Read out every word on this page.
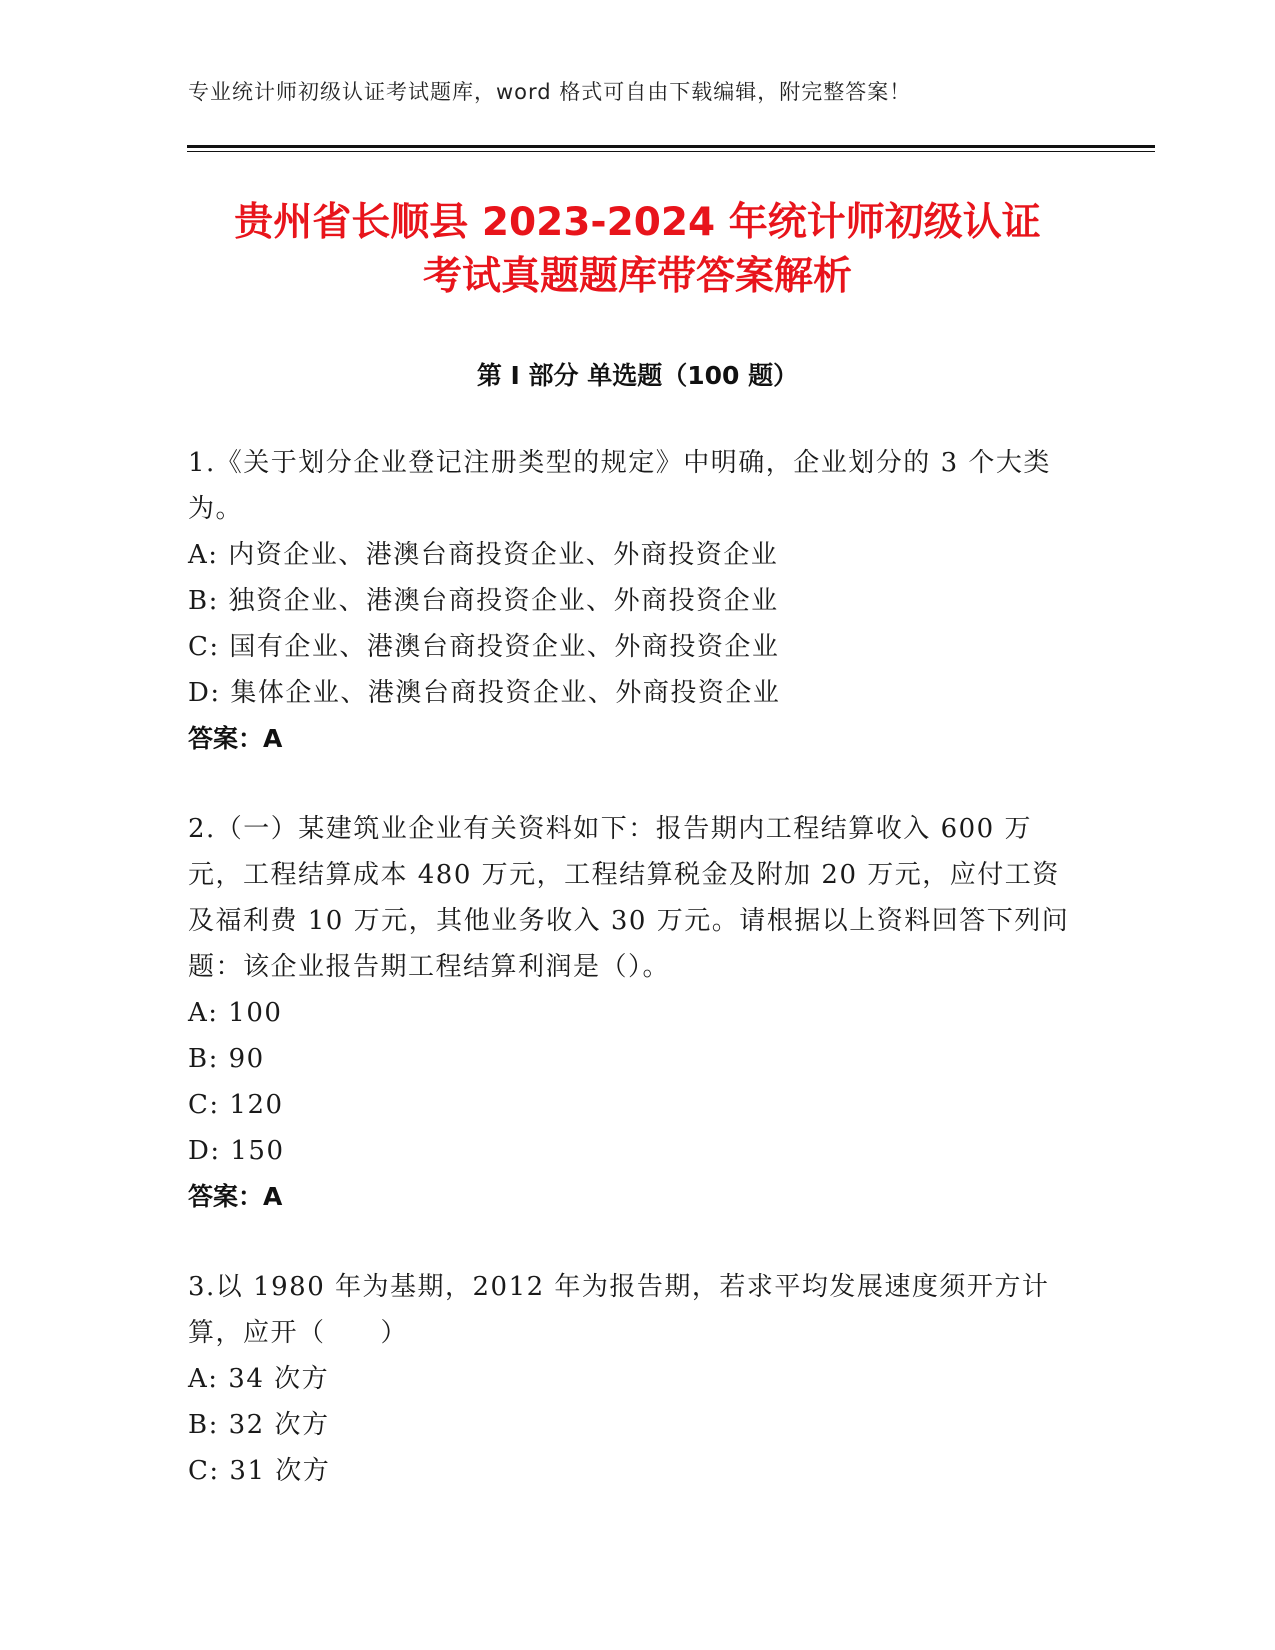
专业统计师初级认证考试题库，word 格式可自由下载编辑，附完整答案！
贵州省长顺县 2023-2024 年统计师初级认证
考试真题题库带答案解析
第 I 部分 单选题（100 题）
1.《关于划分企业登记注册类型的规定》中明确，企业划分的 3 个大类为。
A: 内资企业、港澳台商投资企业、外商投资企业
B: 独资企业、港澳台商投资企业、外商投资企业
C: 国有企业、港澳台商投资企业、外商投资企业
D: 集体企业、港澳台商投资企业、外商投资企业
答案：A
2.（一）某建筑业企业有关资料如下：报告期内工程结算收入 600 万元，工程结算成本 480 万元，工程结算税金及附加 20 万元，应付工资及福利费 10 万元，其他业务收入 30 万元。请根据以上资料回答下列问题：该企业报告期工程结算利润是（）。
A: 100
B: 90
C: 120
D: 150
答案：A
3.以 1980 年为基期，2012 年为报告期，若求平均发展速度须开方计算，应开（　　）
A: 34 次方
B: 32 次方
C: 31 次方
